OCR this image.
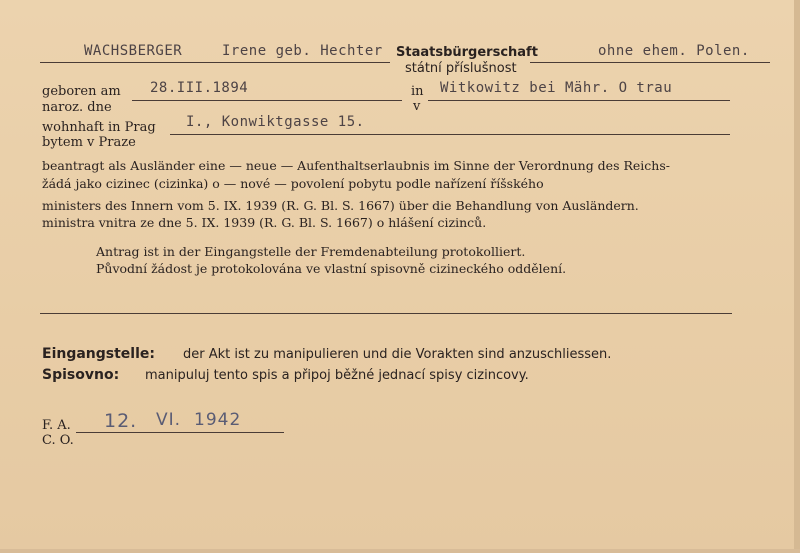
WACHSBERGER	Irene geb. Hechter Staatsbürgerschaft
státní příslušnost
ohne ehem. Polen.
geboren am
naroz. dne
28.III.1894	in
v
Witkowitz bei Mähr. O trau
wohnhaft in Prag
bytem v Praze
I., Konwiktgasse 15.
beantragt als Ausländer eine — neue — Aufenthaltserlaubnis im Sinne der Verordnung des Reichs-
žádá jako cizinec (cizinka) o — nové — povolení pobytu podle nařízení říšského
ministers des Innern vom 5. IX. 1939 (R. G. Bl. S. 1667) über die Behandlung von Ausländern.
ministra vnitra ze dne 5. IX. 1939 (R. G. Bl. S. 1667) o hlášení cizinců.
Antrag ist in der Eingangstelle der Fremdenabteilung protokolliert.
Původní žádost je protokolována ve vlastní spisovně cizineckého oddělení.
Eingangstelle: der Akt ist zu manipulieren und die Vorakten sind anzuschliessen.
Spisovno: manipuluj tento spis a připoj běžné jednací spisy cizincovy.
F. A.
C. O.
12. VI. 1942
